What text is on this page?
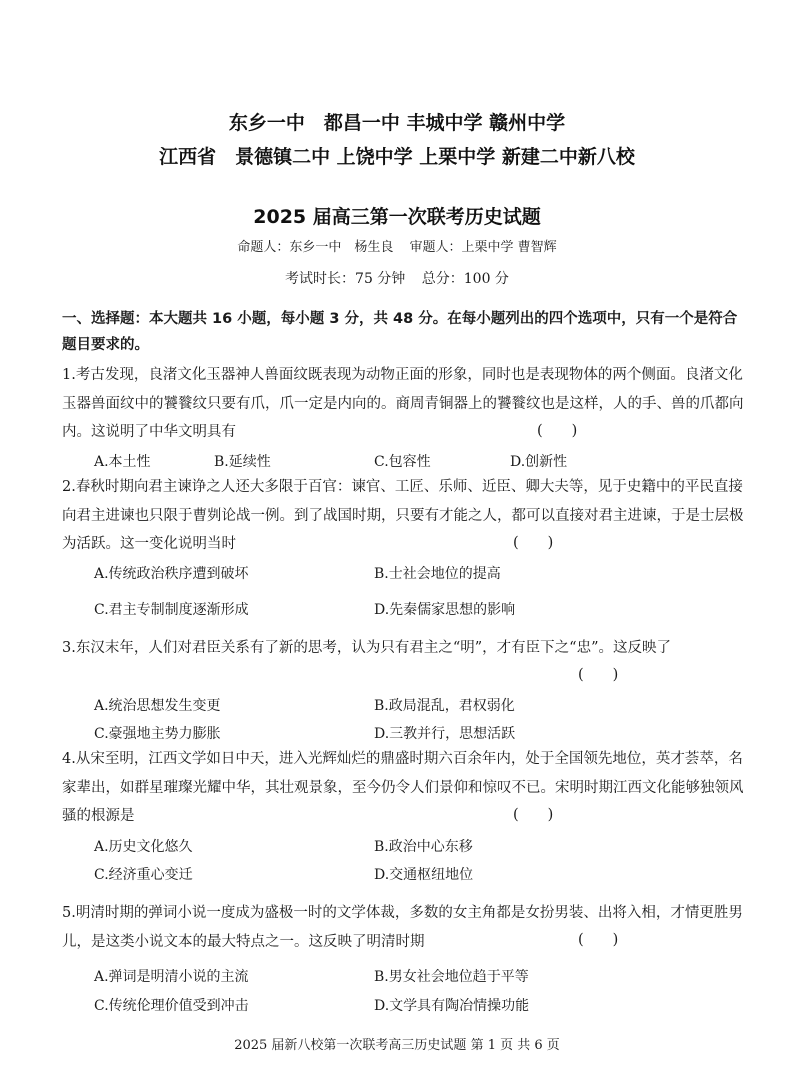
东乡一中　都昌一中 丰城中学 赣州中学
江西省　景德镇二中 上饶中学 上栗中学 新建二中新八校
2025 届高三第一次联考历史试题
命题人：东乡一中　杨生良 审题人：上栗中学 曹智辉
考试时长：75 分钟 总分：100 分
一、选择题：本大题共 16 小题，每小题 3 分，共 48 分。在每小题列出的四个选项中，只有一个是符合题目要求的。
1.考古发现，良渚文化玉器神人兽面纹既表现为动物正面的形象，同时也是表现物体的两个侧面。良渚文化玉器兽面纹中的饕餮纹只要有爪，爪一定是内向的。商周青铜器上的饕餮纹也是这样，人的手、兽的爪都向内。这说明了中华文明具有	(　　)
A.本土性	B.延续性	C.包容性	D.创新性
2.春秋时期向君主谏诤之人还大多限于百官：谏官、工匠、乐师、近臣、卿大夫等，见于史籍中的平民直接向君主进谏也只限于曹刿论战一例。到了战国时期，只要有才能之人，都可以直接对君主进谏，于是士层极为活跃。这一变化说明当时	(　　)
A.传统政治秩序遭到破坏	B.士社会地位的提高
C.君主专制制度逐渐形成	D.先秦儒家思想的影响
3.东汉末年，人们对君臣关系有了新的思考，认为只有君主之“明”，才有臣下之“忠”。这反映了
(　　)
A.统治思想发生变更	B.政局混乱，君权弱化
C.豪强地主势力膨胀	D.三教并行，思想活跃
4.从宋至明，江西文学如日中天，进入光辉灿烂的鼎盛时期六百余年内，处于全国领先地位，英才荟萃，名家辈出，如群星璀璨光耀中华，其壮观景象，至今仍令人们景仰和惊叹不已。宋明时期江西文化能够独领风骚的根源是	(　　)
A.历史文化悠久	B.政治中心东移
C.经济重心变迁	D.交通枢纽地位
5.明清时期的弹词小说一度成为盛极一时的文学体裁，多数的女主角都是女扮男装、出将入相，才情更胜男儿，是这类小说文本的最大特点之一。这反映了明清时期	(　　)
A.弹词是明清小说的主流	B.男女社会地位趋于平等
C.传统伦理价值受到冲击	D.文学具有陶冶情操功能
2025 届新八校第一次联考高三历史试题 第 1 页 共 6 页
